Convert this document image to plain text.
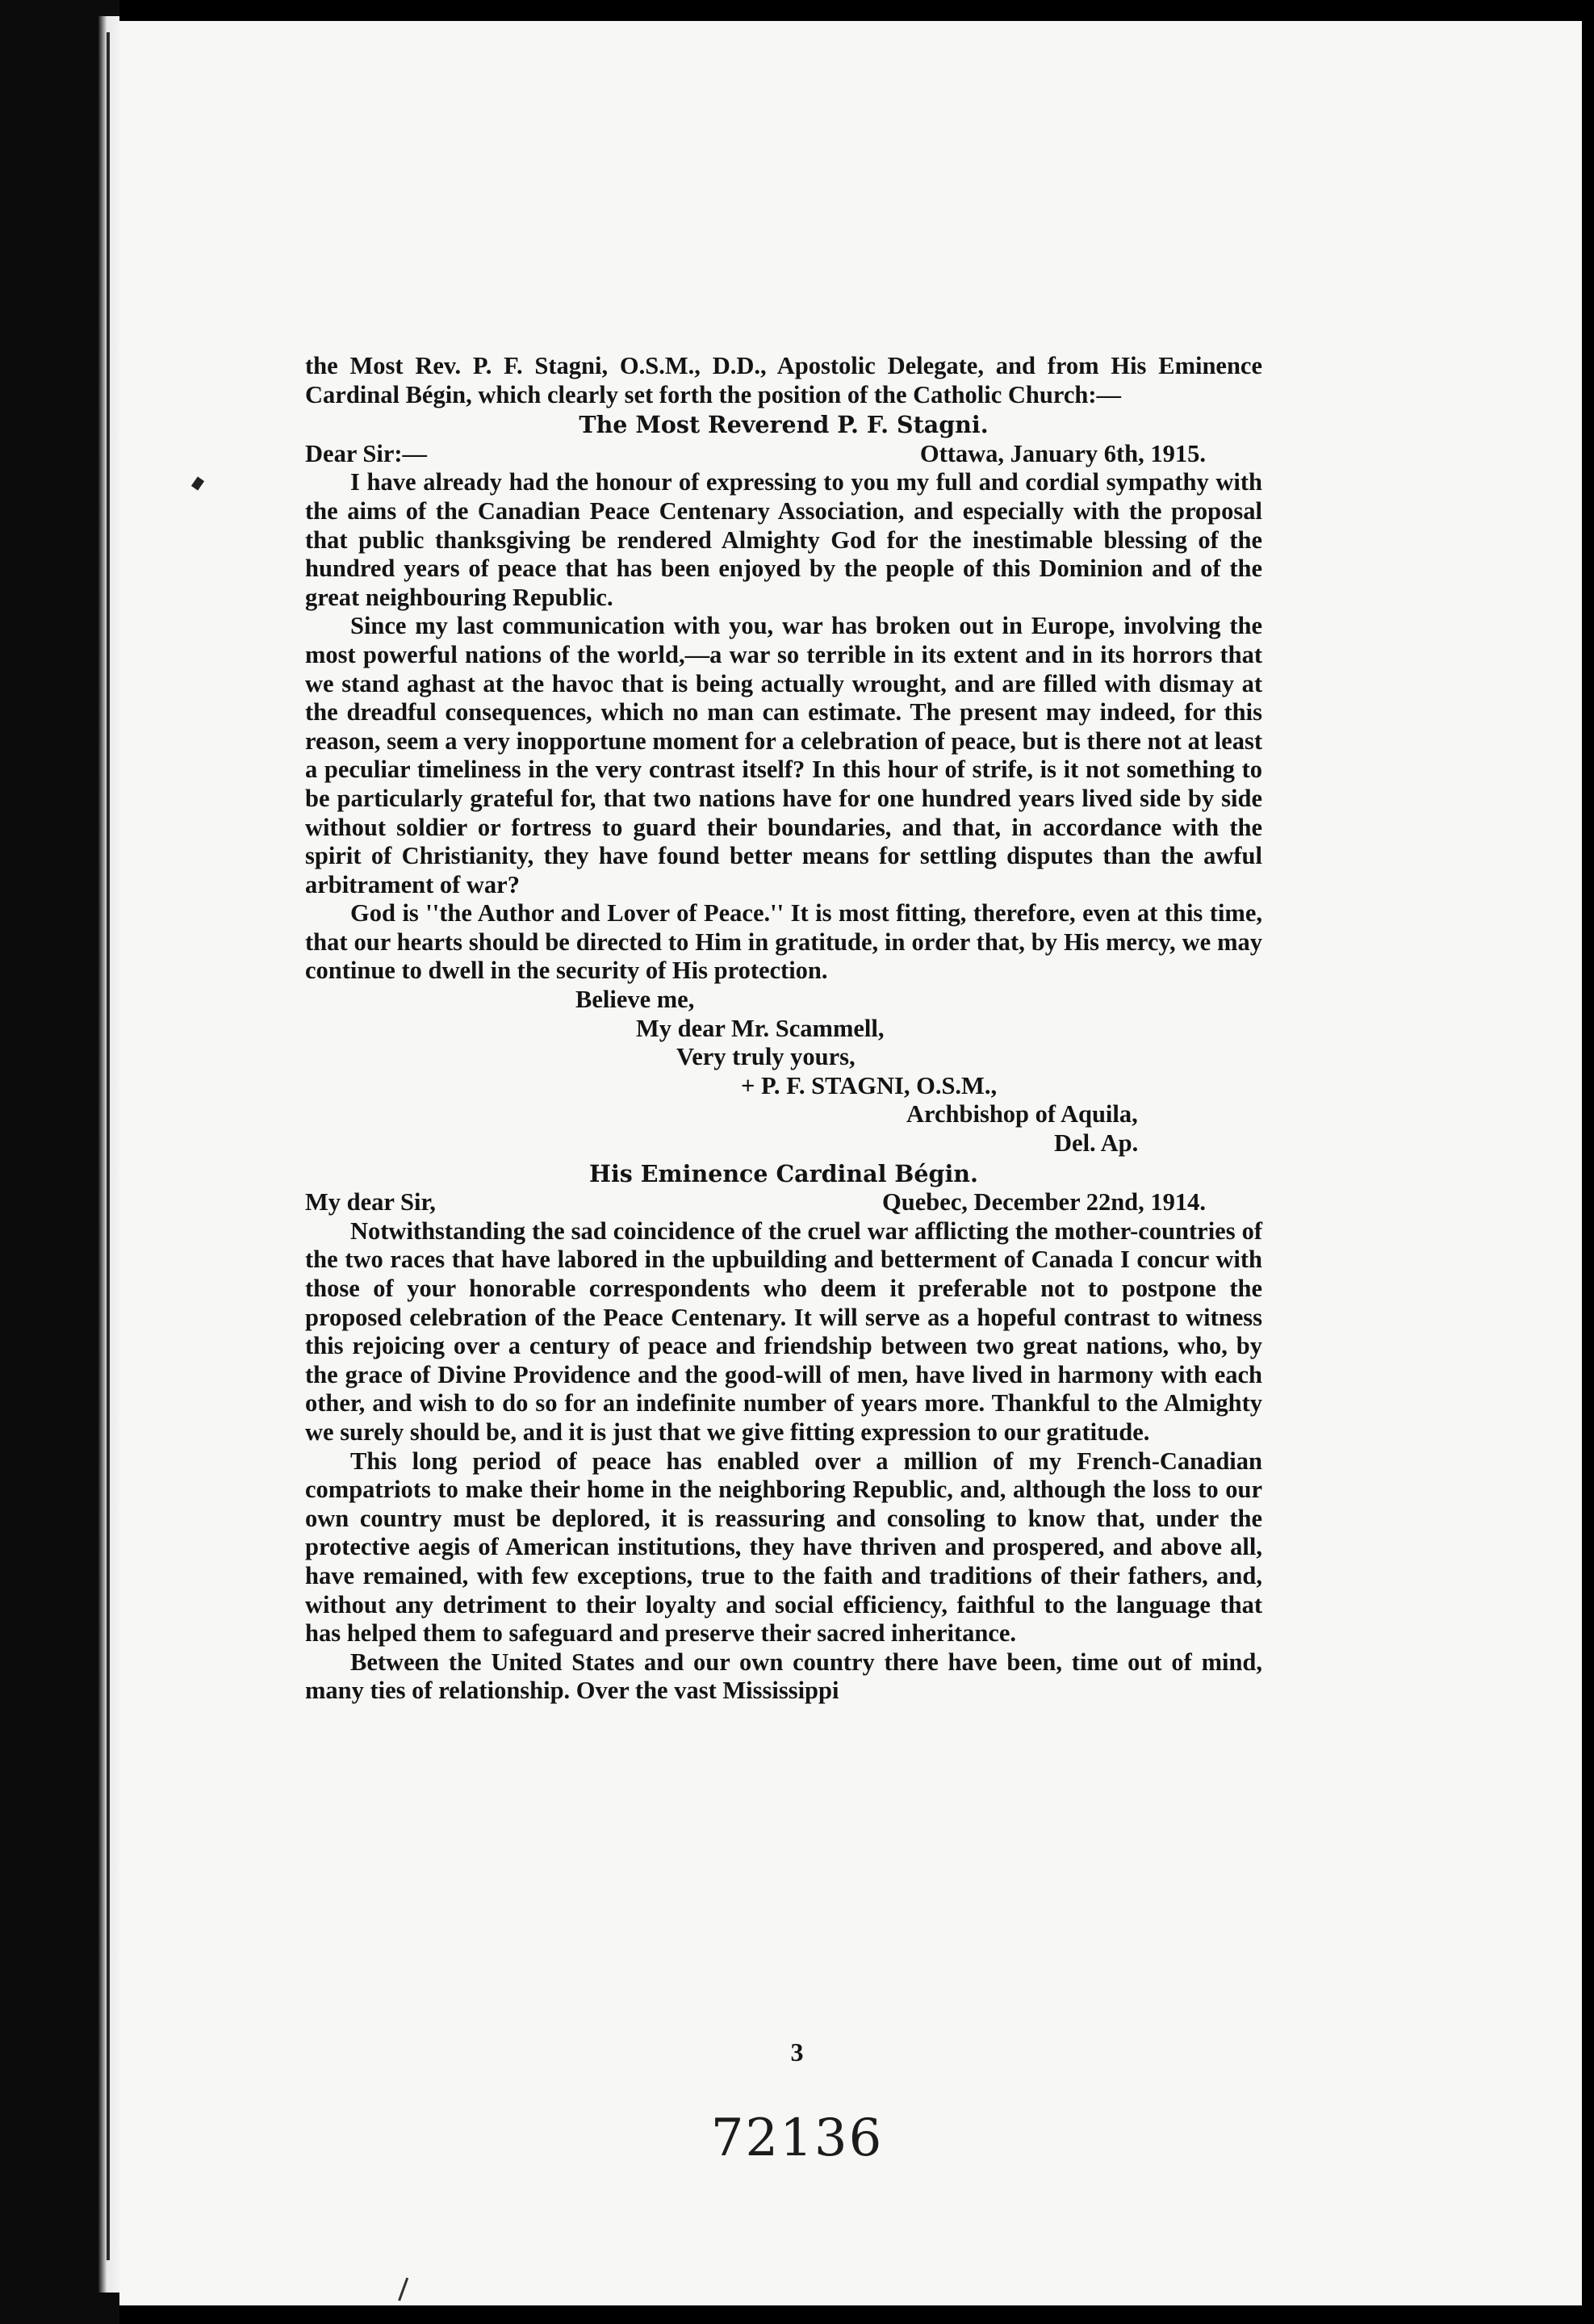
the Most Rev. P. F. Stagni, O.S.M., D.D., Apostolic Delegate, and from His Eminence Cardinal Bégin, which clearly set forth the position of the Catholic Church:—

The Most Reverend P. F. Stagni.
Dear Sir:—	Ottawa, January 6th, 1915.

I have already had the honour of expressing to you my full and cordial sympathy with the aims of the Canadian Peace Centenary Association, and especially with the proposal that public thanksgiving be rendered Almighty God for the inestimable blessing of the hundred years of peace that has been enjoyed by the people of this Dominion and of the great neighbouring Republic.

Since my last communication with you, war has broken out in Europe, involving the most powerful nations of the world,—a war so terrible in its extent and in its horrors that we stand aghast at the havoc that is being actually wrought, and are filled with dismay at the dreadful consequences, which no man can estimate. The present may indeed, for this reason, seem a very inopportune moment for a celebration of peace, but is there not at least a peculiar timeliness in the very contrast itself? In this hour of strife, is it not something to be particularly grateful for, that two nations have for one hundred years lived side by side without soldier or fortress to guard their boundaries, and that, in accordance with the spirit of Christianity, they have found better means for settling disputes than the awful arbitrament of war?

God is ''the Author and Lover of Peace.'' It is most fitting, therefore, even at this time, that our hearts should be directed to Him in gratitude, in order that, by His mercy, we may continue to dwell in the security of His protection.

Believe me,
My dear Mr. Scammell,
Very truly yours,
+ P. F. STAGNI, O.S.M.,
Archbishop of Aquila,
Del. Ap.
His Eminence Cardinal Bégin.
My dear Sir,	Quebec, December 22nd, 1914.

Notwithstanding the sad coincidence of the cruel war afflicting the mother-countries of the two races that have labored in the upbuilding and betterment of Canada I concur with those of your honorable correspondents who deem it preferable not to postpone the proposed celebration of the Peace Centenary. It will serve as a hopeful contrast to witness this rejoicing over a century of peace and friendship between two great nations, who, by the grace of Divine Providence and the good-will of men, have lived in harmony with each other, and wish to do so for an indefinite number of years more. Thankful to the Almighty we surely should be, and it is just that we give fitting expression to our gratitude.

This long period of peace has enabled over a million of my French-Canadian compatriots to make their home in the neighboring Republic, and, although the loss to our own country must be deplored, it is reassuring and consoling to know that, under the protective aegis of American institutions, they have thriven and prospered, and above all, have remained, with few exceptions, true to the faith and traditions of their fathers, and, without any detriment to their loyalty and social efficiency, faithful to the language that has helped them to safeguard and preserve their sacred inheritance.

Between the United States and our own country there have been, time out of mind, many ties of relationship. Over the vast Mississippi

3
72136
